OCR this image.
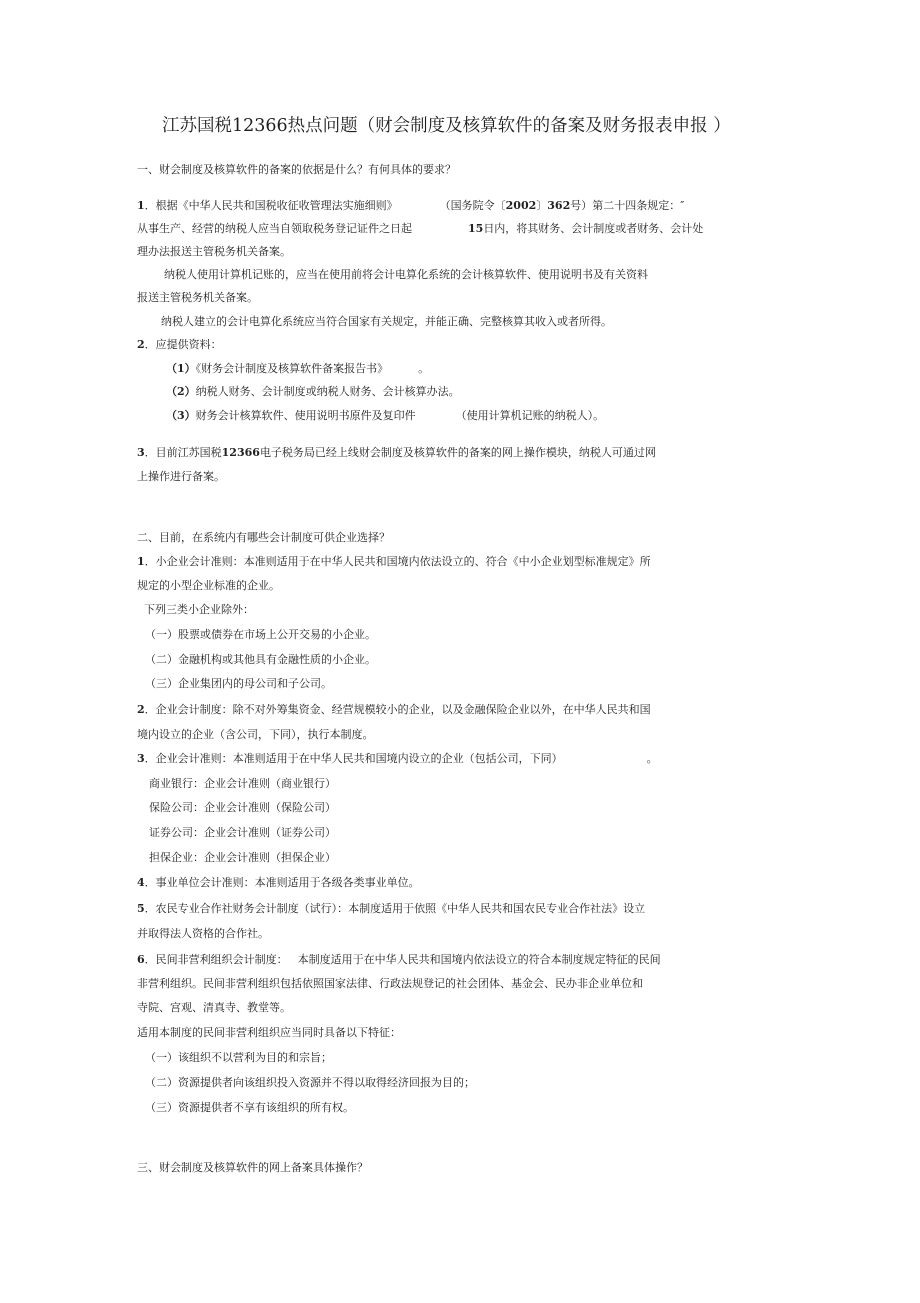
江苏国税12366热点问题（财会制度及核算软件的备案及财务报表申报 ）
一、财会制度及核算软件的备案的依据是什么？有何具体的要求？
1．根据《中华人民共和国税收征收管理法实施细则》	（国务院令〔2002〕362号）第二十四条规定：″
从事生产、经营的纳税人应当自领取税务登记证件之日起	15日内，将其财务、会计制度或者财务、会计处
理办法报送主管税务机关备案。
纳税人使用计算机记账的，应当在使用前将会计电算化系统的会计核算软件、使用说明书及有关资料
报送主管税务机关备案。
纳税人建立的会计电算化系统应当符合国家有关规定，并能正确、完整核算其收入或者所得。
2．应提供资料：
（1）《财务会计制度及核算软件备案报告书》	。
（2）纳税人财务、会计制度或纳税人财务、会计核算办法。
（3）财务会计核算软件、使用说明书原件及复印件	（使用计算机记账的纳税人）。
3．目前江苏国税12366电子税务局已经上线财会制度及核算软件的备案的网上操作模块，纳税人可通过网
上操作进行备案。
二、目前，在系统内有哪些会计制度可供企业选择？
1．小企业会计准则：本准则适用于在中华人民共和国境内依法设立的、符合《中小企业划型标准规定》所
规定的小型企业标准的企业。
下列三类小企业除外：
（一）股票或债券在市场上公开交易的小企业。
（二）金融机构或其他具有金融性质的小企业。
（三）企业集团内的母公司和子公司。
2．企业会计制度：除不对外筹集资金、经营规模较小的企业，以及金融保险企业以外，在中华人民共和国
境内设立的企业（含公司，下同），执行本制度。
3．企业会计准则：本准则适用于在中华人民共和国境内设立的企业（包括公司，下同）	。
商业银行：企业会计准则（商业银行）
保险公司：企业会计准则（保险公司）
证券公司：企业会计准则（证券公司）
担保企业：企业会计准则（担保企业）
4．事业单位会计准则：本准则适用于各级各类事业单位。
5．农民专业合作社财务会计制度（试行）：本制度适用于依照《中华人民共和国农民专业合作社法》设立
并取得法人资格的合作社。
6．民间非营利组织会计制度： 本制度适用于在中华人民共和国境内依法设立的符合本制度规定特征的民间
非营利组织。民间非营利组织包括依照国家法律、行政法规登记的社会团体、基金会、民办非企业单位和
寺院、宫观、清真寺、教堂等。
适用本制度的民间非营利组织应当同时具备以下特征：
（一）该组织不以营利为目的和宗旨；
（二）资源提供者向该组织投入资源并不得以取得经济回报为目的；
（三）资源提供者不享有该组织的所有权。
三、财会制度及核算软件的网上备案具体操作？
